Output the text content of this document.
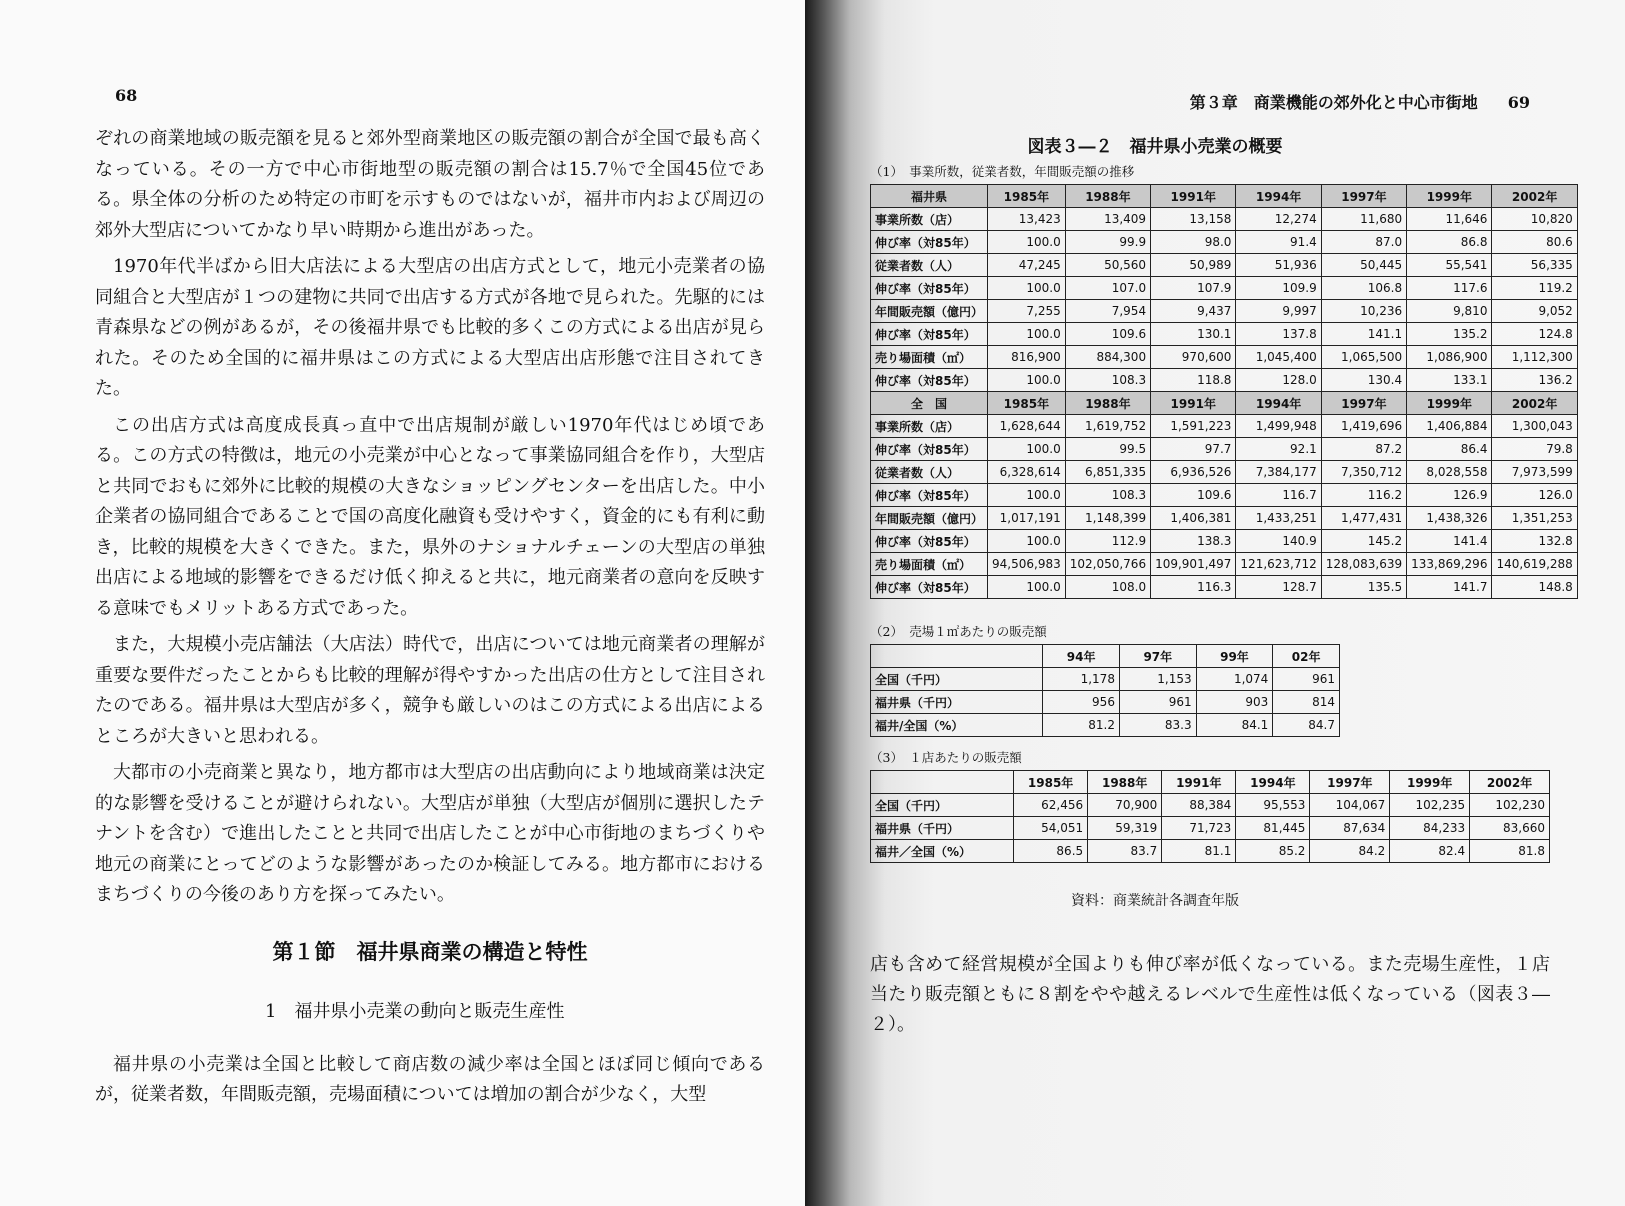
68

ぞれの商業地域の販売額を見ると郊外型商業地区の販売額の割合が全国で最も高くなっている。その一方で中心市街地型の販売額の割合は15.7％で全国45位である。県全体の分析のため特定の市町を示すものではないが，福井市内および周辺の郊外大型店についてかなり早い時期から進出があった。

1970年代半ばから旧大店法による大型店の出店方式として，地元小売業者の協同組合と大型店が１つの建物に共同で出店する方式が各地で見られた。先駆的には青森県などの例があるが，その後福井県でも比較的多くこの方式による出店が見られた。そのため全国的に福井県はこの方式による大型店出店形態で注目されてきた。

この出店方式は高度成長真っ直中で出店規制が厳しい1970年代はじめ頃である。この方式の特徴は，地元の小売業が中心となって事業協同組合を作り，大型店と共同でおもに郊外に比較的規模の大きなショッピングセンターを出店した。中小企業者の協同組合であることで国の高度化融資も受けやすく，資金的にも有利に動き，比較的規模を大きくできた。また，県外のナショナルチェーンの大型店の単独出店による地域的影響をできるだけ低く抑えると共に，地元商業者の意向を反映する意味でもメリットある方式であった。

また，大規模小売店舗法（大店法）時代で，出店については地元商業者の理解が重要な要件だったことからも比較的理解が得やすかった出店の仕方として注目されたのである。福井県は大型店が多く，競争も厳しいのはこの方式による出店によるところが大きいと思われる。

大都市の小売商業と異なり，地方都市は大型店の出店動向により地域商業は決定的な影響を受けることが避けられない。大型店が単独（大型店が個別に選択したテナントを含む）で進出したことと共同で出店したことが中心市街地のまちづくりや地元の商業にとってどのような影響があったのか検証してみる。地方都市におけるまちづくりの今後のあり方を探ってみたい。

第１節　福井県商業の構造と特性
1　福井県小売業の動向と販売生産性

福井県の小売業は全国と比較して商店数の減少率は全国とほぼ同じ傾向であるが，従業者数，年間販売額，売場面積については増加の割合が少なく，大型

第３章　商業機能の郊外化と中心市街地 69
図表３―２　福井県小売業の概要
（1）　事業所数，従業者数，年間販売額の推移
福井県	1985年	1988年	1991年	1994年	1997年	1999年	2002年
事業所数（店）	13,423	13,409	13,158	12,274	11,680	11,646	10,820
伸び率（対85年）	100.0	99.9	98.0	91.4	87.0	86.8	80.6
従業者数（人）	47,245	50,560	50,989	51,936	50,445	55,541	56,335
伸び率（対85年）	100.0	107.0	107.9	109.9	106.8	117.6	119.2
年間販売額（億円）	7,255	7,954	9,437	9,997	10,236	9,810	9,052
伸び率（対85年）	100.0	109.6	130.1	137.8	141.1	135.2	124.8
売り場面積（㎡）	816,900	884,300	970,600	1,045,400	1,065,500	1,086,900	1,112,300
伸び率（対85年）	100.0	108.3	118.8	128.0	130.4	133.1	136.2
全　国	1985年	1988年	1991年	1994年	1997年	1999年	2002年
事業所数（店）	1,628,644	1,619,752	1,591,223	1,499,948	1,419,696	1,406,884	1,300,043
伸び率（対85年）	100.0	99.5	97.7	92.1	87.2	86.4	79.8
従業者数（人）	6,328,614	6,851,335	6,936,526	7,384,177	7,350,712	8,028,558	7,973,599
伸び率（対85年）	100.0	108.3	109.6	116.7	116.2	126.9	126.0
年間販売額（億円）	1,017,191	1,148,399	1,406,381	1,433,251	1,477,431	1,438,326	1,351,253
伸び率（対85年）	100.0	112.9	138.3	140.9	145.2	141.4	132.8
売り場面積（㎡）	94,506,983	102,050,766	109,901,497	121,623,712	128,083,639	133,869,296	140,619,288
伸び率（対85年）	100.0	108.0	116.3	128.7	135.5	141.7	148.8
（2）　売場１㎡あたりの販売額
	94年	97年	99年	02年
全国（千円）	1,178	1,153	1,074	961
福井県（千円）	956	961	903	814
福井/全国（%）	81.2	83.3	84.1	84.7
（3）　１店あたりの販売額
	1985年	1988年	1991年	1994年	1997年	1999年	2002年
全国（千円）	62,456	70,900	88,384	95,553	104,067	102,235	102,230
福井県（千円）	54,051	59,319	71,723	81,445	87,634	84,233	83,660
福井／全国（%）	86.5	83.7	81.1	85.2	84.2	82.4	81.8
資料：商業統計各調査年版
店も含めて経営規模が全国よりも伸び率が低くなっている。また売場生産性，１店当たり販売額ともに８割をやや越えるレベルで生産性は低くなっている（図表３―２）。
